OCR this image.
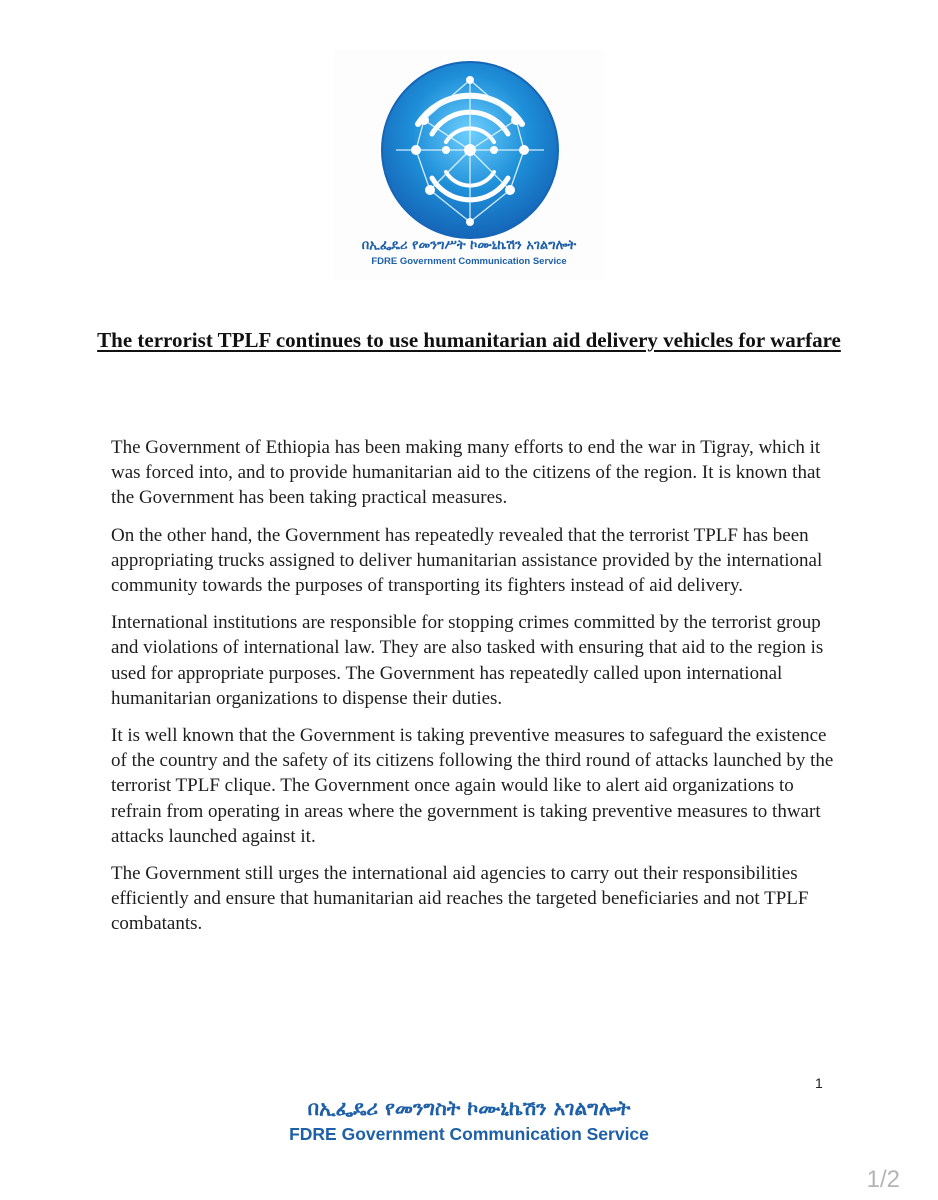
በኢፌዴሪ የመንግሥት ኮሙኒኬሽን አገልግሎት
FDRE Government Communication Service
The terrorist TPLF continues to use humanitarian aid delivery vehicles for warfare

The Government of Ethiopia has been making many efforts to end the war in Tigray, which it was forced into, and to provide humanitarian aid to the citizens of the region. It is known that the Government has been taking practical measures.

On the other hand, the Government has repeatedly revealed that the terrorist TPLF has been appropriating trucks assigned to deliver humanitarian assistance provided by the international community towards the purposes of transporting its fighters instead of aid delivery.

International institutions are responsible for stopping crimes committed by the terrorist group and violations of international law. They are also tasked with ensuring that aid to the region is used for appropriate purposes. The Government has repeatedly called upon international humanitarian organizations to dispense their duties.

It is well known that the Government is taking preventive measures to safeguard the existence of the country and the safety of its citizens following the third round of attacks launched by the terrorist TPLF clique. The Government once again would like to alert aid organizations to refrain from operating in areas where the government is taking preventive measures to thwart attacks launched against it.

The Government still urges the international aid agencies to carry out their responsibilities efficiently and ensure that humanitarian aid reaches the targeted beneficiaries and not TPLF combatants.

1
በኢፌዴሪ የመንግስት ኮሙኒኬሽን አገልግሎት
FDRE Government Communication Service
1/2
